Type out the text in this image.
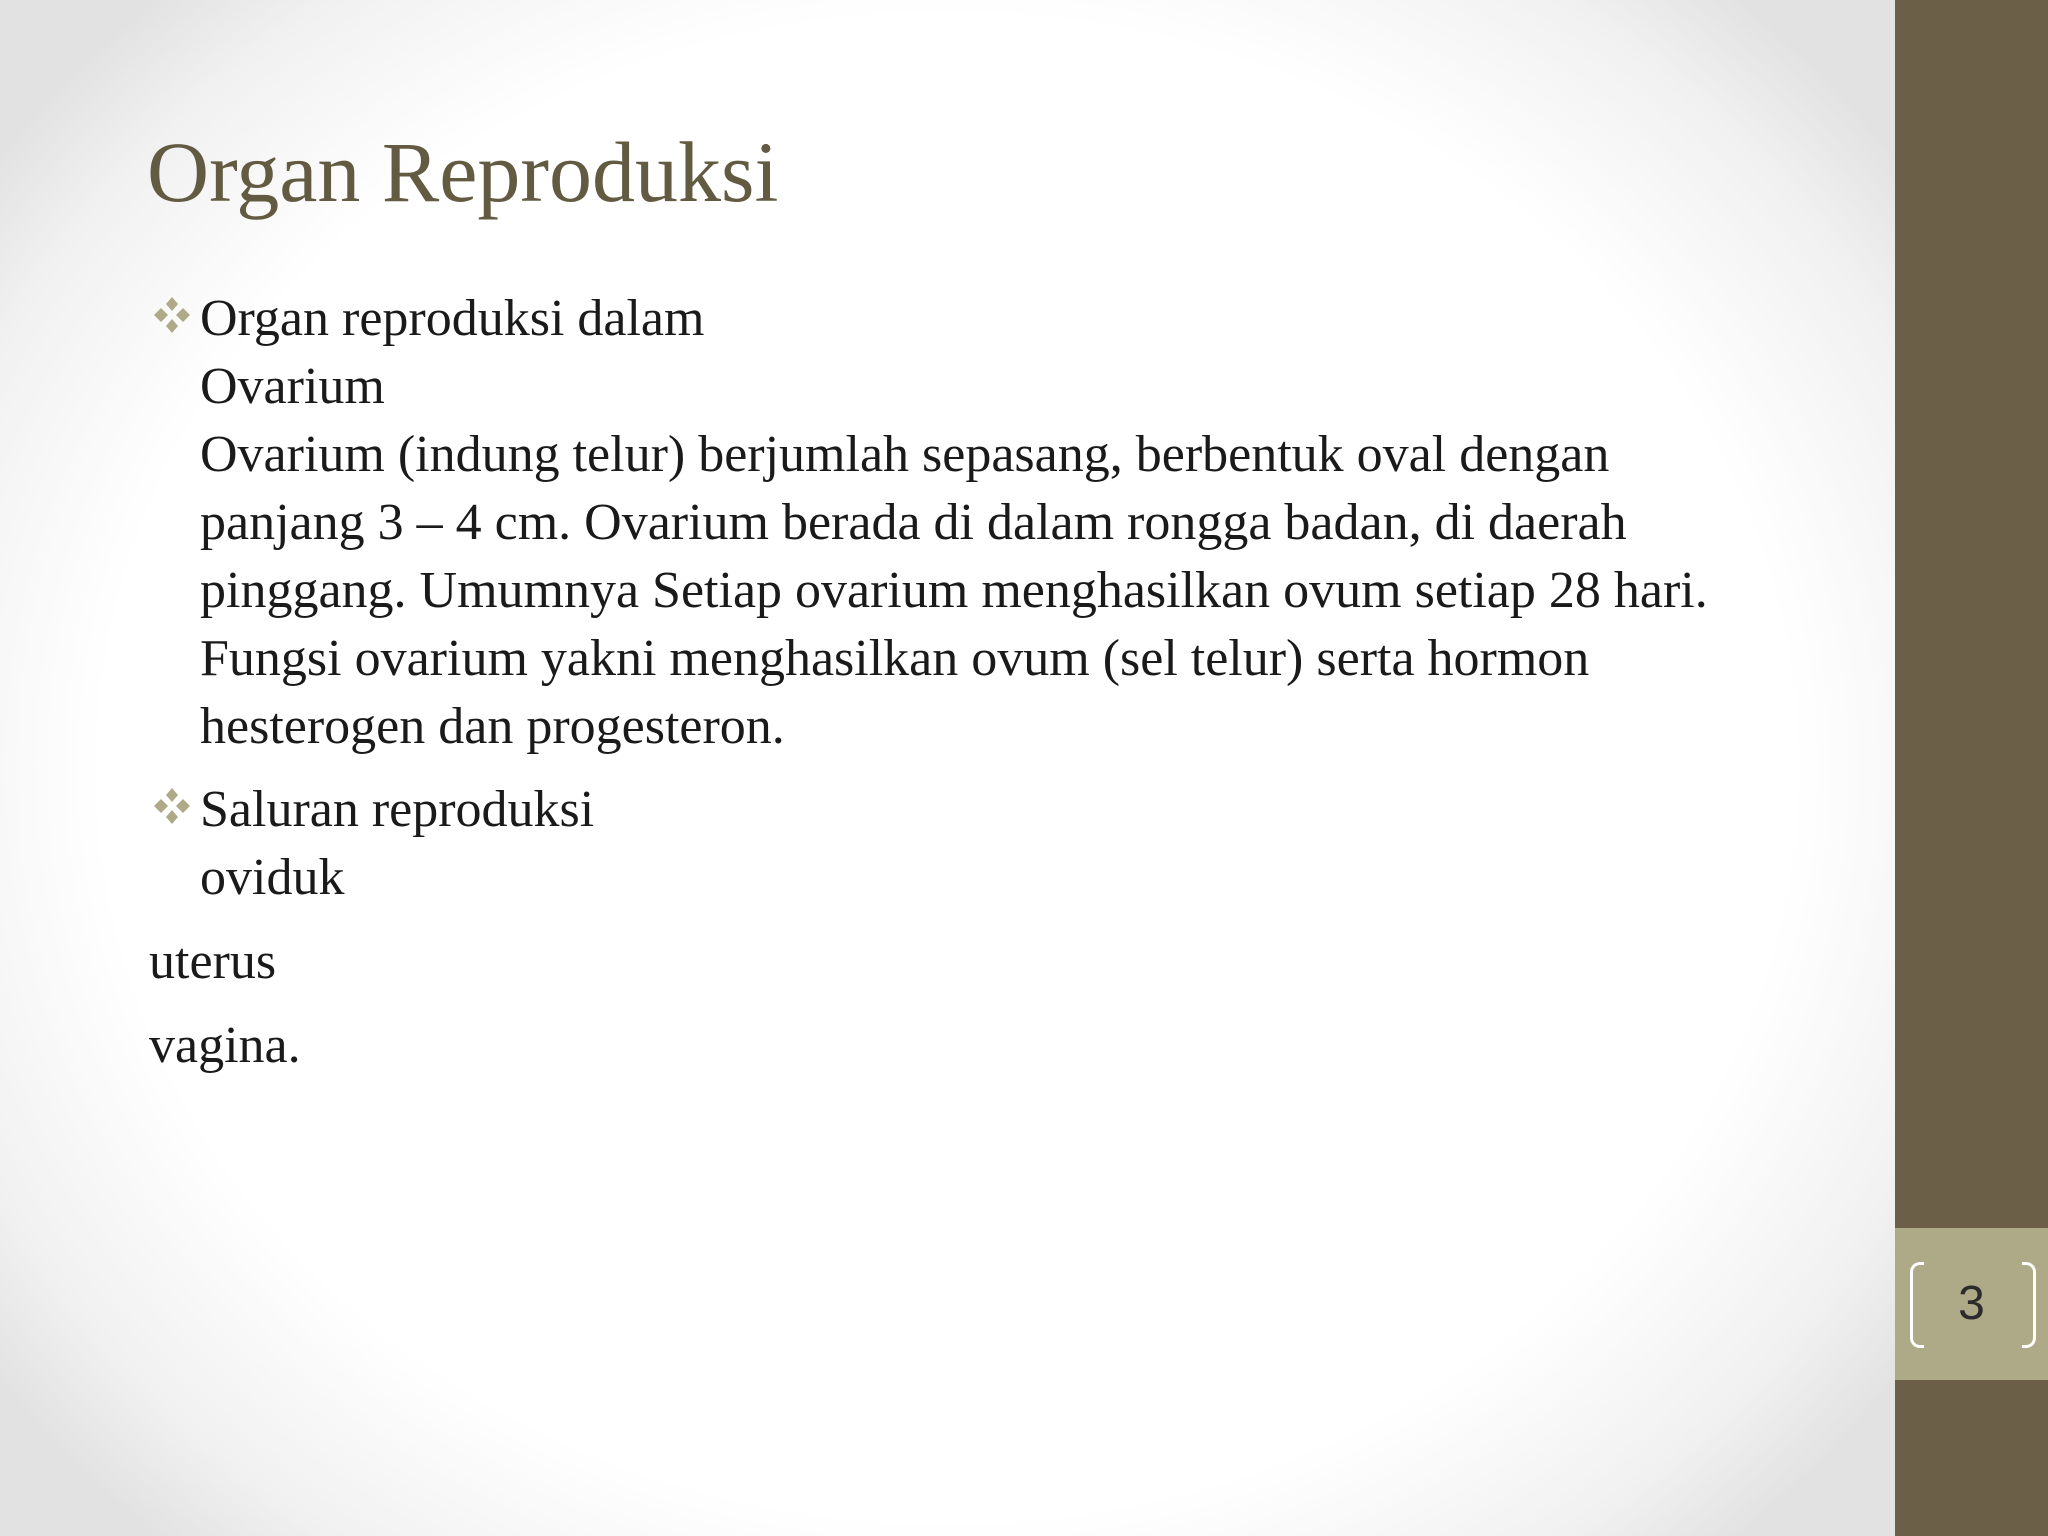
3
Organ Reproduksi
Organ reproduksi dalam
Ovarium
Ovarium (indung telur) berjumlah sepasang, berbentuk oval dengan
panjang 3 – 4 cm. Ovarium berada di dalam rongga badan, di daerah
pinggang. Umumnya Setiap ovarium menghasilkan ovum setiap 28 hari.
Fungsi ovarium yakni menghasilkan ovum (sel telur) serta hormon
hesterogen dan progesteron.
Saluran reproduksi
oviduk
uterus
vagina.
